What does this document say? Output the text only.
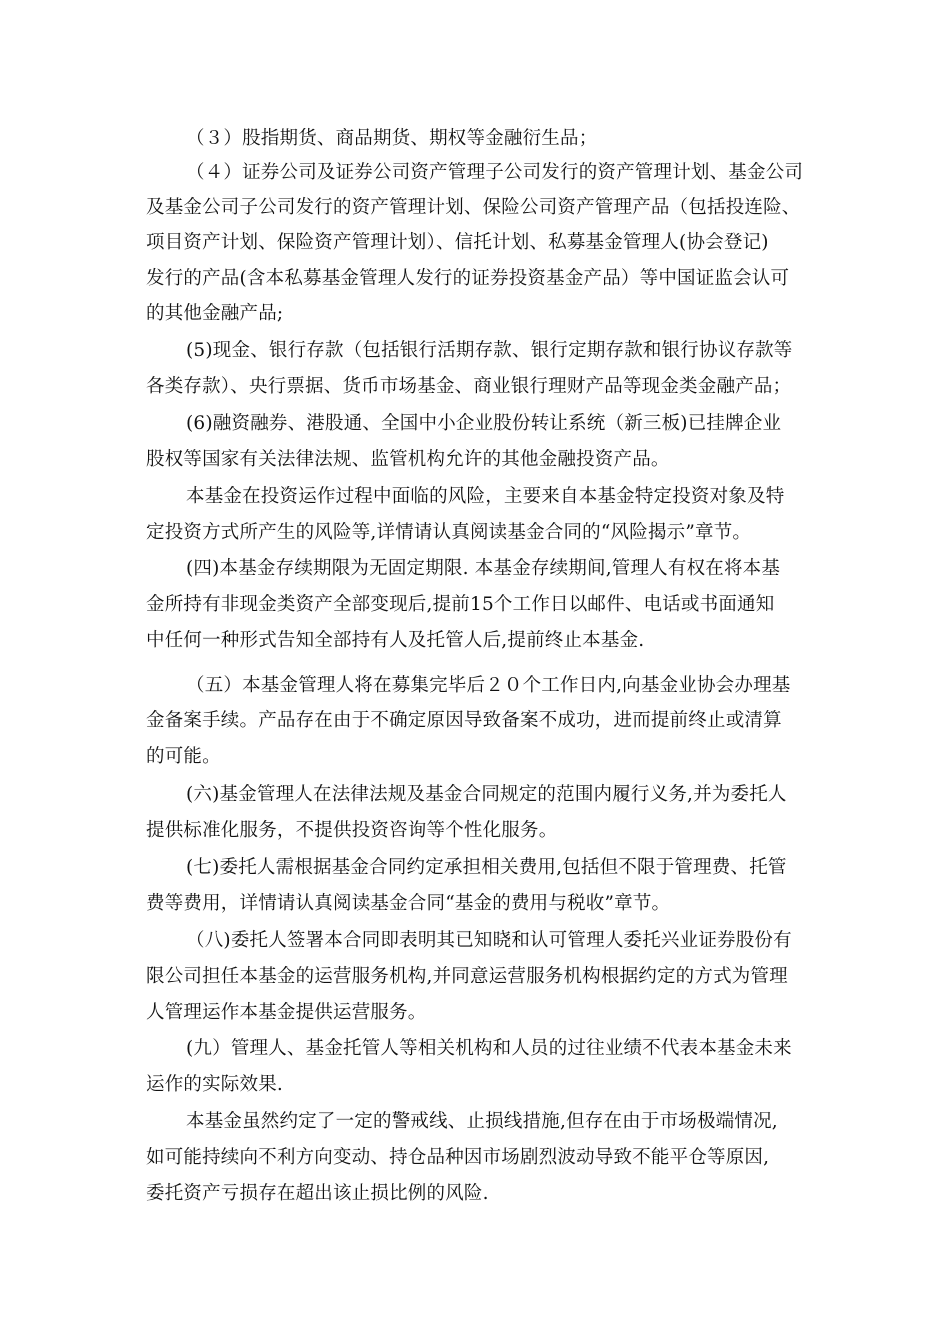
（３）股指期货、商品期货、期权等金融衍生品；

（４）证券公司及证券公司资产管理子公司发行的资产管理计划、基金公司

及基金公司子公司发行的资产管理计划、保险公司资产管理产品（包括投连险、

项目资产计划、保险资产管理计划）、信托计划、私募基金管理人(协会登记)

发行的产品(含本私募基金管理人发行的证券投资基金产品）等中国证监会认可

的其他金融产品;

(5)现金、银行存款（包括银行活期存款、银行定期存款和银行协议存款等

各类存款）、央行票据、货币市场基金、商业银行理财产品等现金类金融产品；

(6)融资融券、港股通、全国中小企业股份转让系统（新三板)已挂牌企业

股权等国家有关法律法规、监管机构允许的其他金融投资产品。

本基金在投资运作过程中面临的风险，主要来自本基金特定投资对象及特

定投资方式所产生的风险等,详情请认真阅读基金合同的“风险揭示”章节。

(四)本基金存续期限为无固定期限. 本基金存续期间,管理人有权在将本基

金所持有非现金类资产全部变现后,提前15个工作日以邮件、电话或书面通知

中任何一种形式告知全部持有人及托管人后,提前终止本基金.

（五）本基金管理人将在募集完毕后２０个工作日内,向基金业协会办理基

金备案手续。产品存在由于不确定原因导致备案不成功，进而提前终止或清算

的可能。

(六)基金管理人在法律法规及基金合同规定的范围内履行义务,并为委托人

提供标准化服务，不提供投资咨询等个性化服务。

(七)委托人需根据基金合同约定承担相关费用,包括但不限于管理费、托管

费等费用，详情请认真阅读基金合同“基金的费用与税收”章节。

（八)委托人签署本合同即表明其已知晓和认可管理人委托兴业证券股份有

限公司担任本基金的运营服务机构,并同意运营服务机构根据约定的方式为管理

人管理运作本基金提供运营服务。

(九）管理人、基金托管人等相关机构和人员的过往业绩不代表本基金未来

运作的实际效果.

本基金虽然约定了一定的警戒线、止损线措施,但存在由于市场极端情况,

如可能持续向不利方向变动、持仓品种因市场剧烈波动导致不能平仓等原因,

委托资产亏损存在超出该止损比例的风险.
